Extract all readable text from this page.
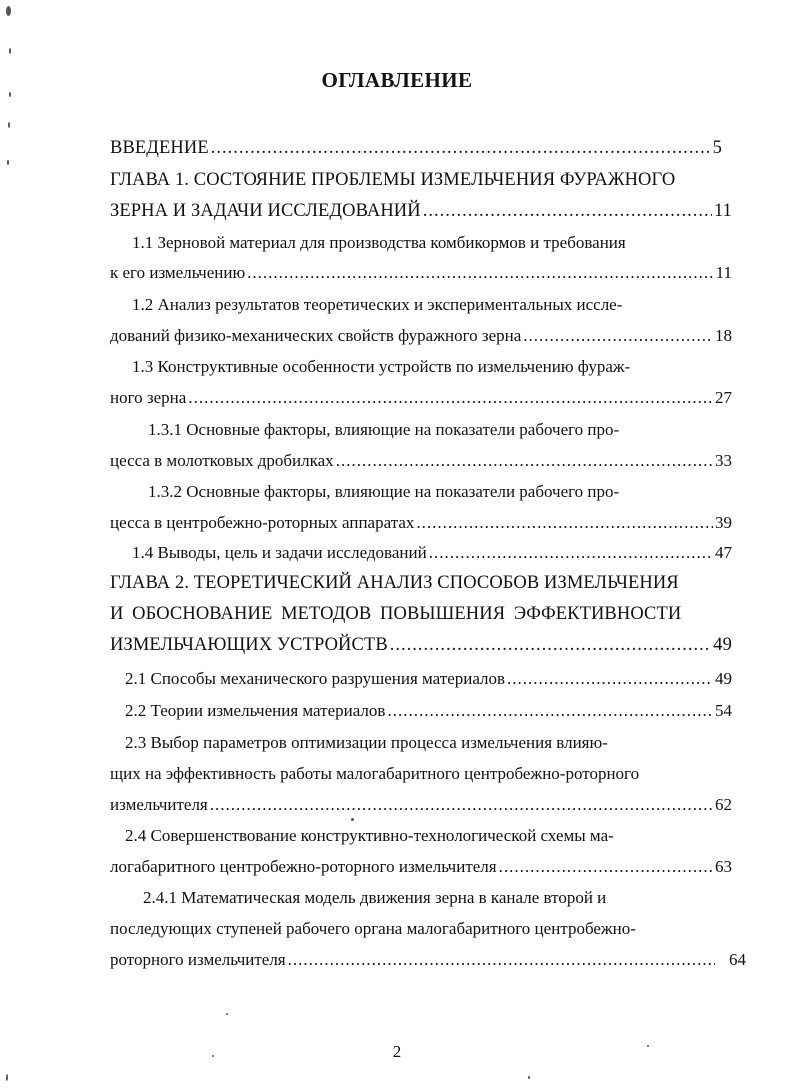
ОГЛАВЛЕНИЕ
ВВЕДЕНИЕ .....	5
ГЛАВА 1. СОСТОЯНИЕ ПРОБЛЕМЫ ИЗМЕЛЬЧЕНИЯ ФУРАЖНОГО
ЗЕРНА И ЗАДАЧИ ИССЛЕДОВАНИЙ .....	11
1.1 Зерновой материал для производства комбикормов и требования
к его измельчению .....	11
1.2 Анализ результатов теоретических и экспериментальных иссле-
дований физико-механических свойств фуражного зерна .....	18
1.3 Конструктивные особенности устройств по измельчению фураж-
ного зерна .....	27
1.3.1 Основные факторы, влияющие на показатели рабочего про-
цесса в молотковых дробилках .....	33
1.3.2 Основные факторы, влияющие на показатели рабочего про-
цесса в центробежно-роторных аппаратах .....	39
1.4 Выводы, цель и задачи исследований .....	47
ГЛАВА 2. ТЕОРЕТИЧЕСКИЙ АНАЛИЗ СПОСОБОВ ИЗМЕЛЬЧЕНИЯ
И ОБОСНОВАНИЕ МЕТОДОВ ПОВЫШЕНИЯ ЭФФЕКТИВНОСТИ
ИЗМЕЛЬЧАЮЩИХ УСТРОЙСТВ .....	49
2.1 Способы механического разрушения материалов .....	49
2.2 Теории измельчения материалов .....	54
2.3 Выбор параметров оптимизации процесса измельчения влияю-
щих на эффективность работы малогабаритного центробежно-роторного
измельчителя .....	62
2.4 Совершенствование конструктивно-технологической схемы ма-
логабаритного центробежно-роторного измельчителя .....	63
2.4.1 Математическая модель движения зерна в канале второй и
последующих ступеней рабочего органа малогабаритного центробежно-
роторного измельчителя .....	64
2
